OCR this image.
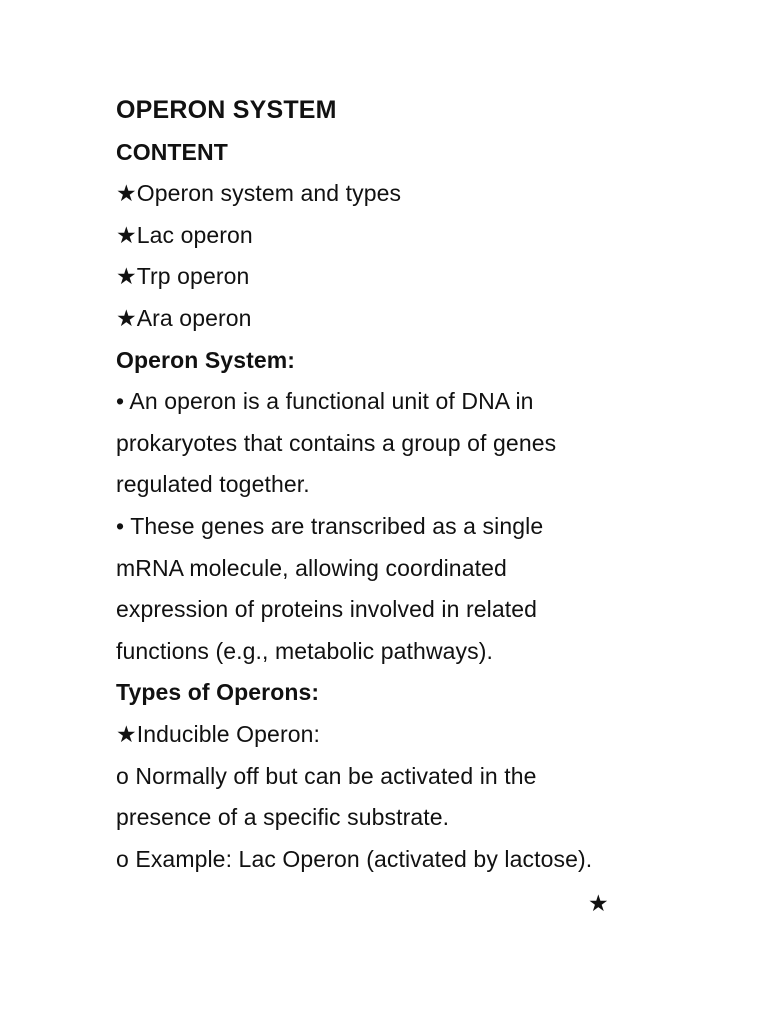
OPERON SYSTEM
CONTENT
★Operon system and types
★Lac operon
★Trp operon
★Ara operon
Operon System:
• An operon is a functional unit of DNA in
prokaryotes that contains a group of genes
regulated together.
• These genes are transcribed as a single
mRNA molecule, allowing coordinated
expression of proteins involved in related
functions (e.g., metabolic pathways).
Types of Operons:
★Inducible Operon:
o Normally off but can be activated in the
presence of a specific substrate.
o Example: Lac Operon (activated by lactose).
★
